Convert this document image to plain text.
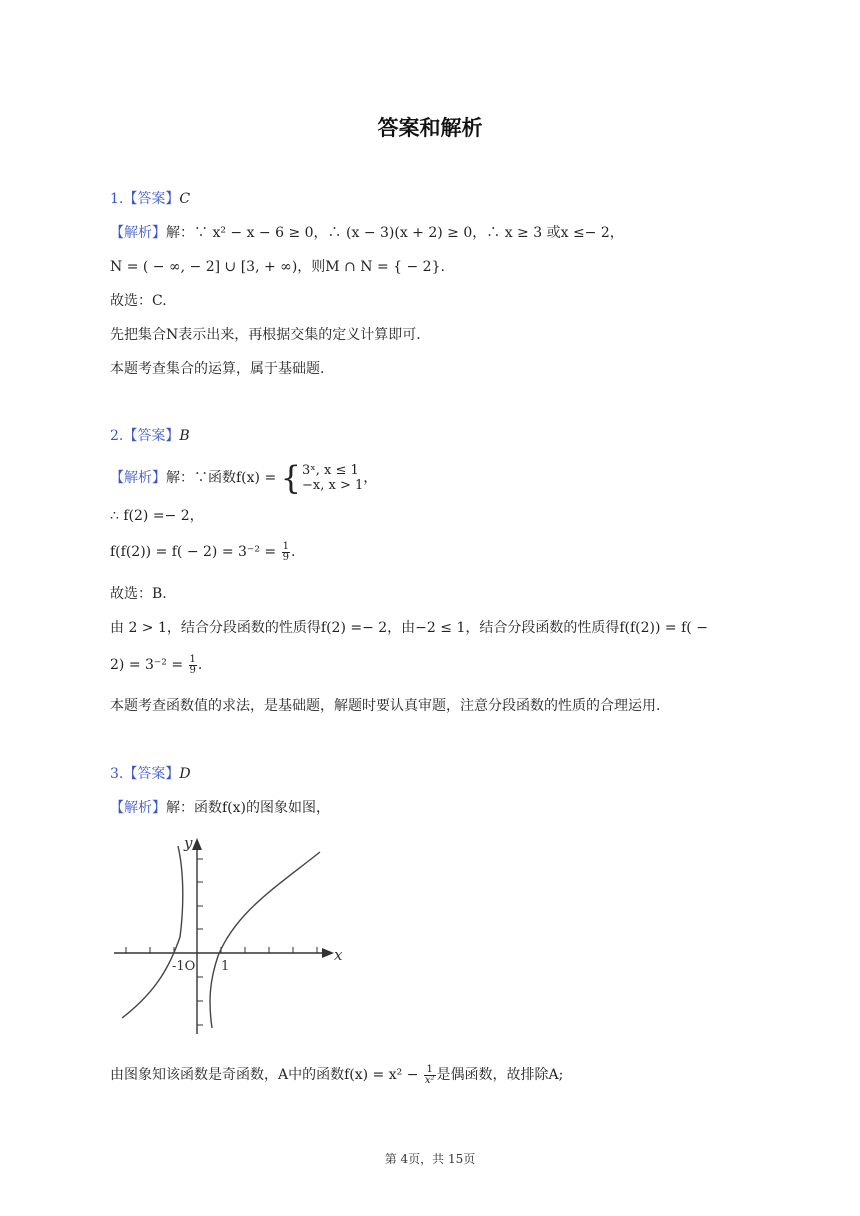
答案和解析
1.【答案】C
【解析】解：∵ x² − x − 6 ≥ 0，∴ (x − 3)(x + 2) ≥ 0，∴ x ≥ 3 或x ≤− 2，
N = ( − ∞, − 2] ∪ [3, + ∞)，则M ∩ N = { − 2}.
故选：C.
先把集合N表示出来，再根据交集的定义计算即可.
本题考查集合的运算，属于基础题.
2.【答案】B
【解析】解：∵函数f(x) = { 3ˣ, x ≤ 1
−x, x > 1 ，
∴ f(2) =− 2，
$f(f(2)) = f( - 2) = 3^{-2} = \frac{1}{9}$ .
故选：B.
由 2 > 1，结合分段函数的性质得f(2) =− 2，由−2 ≤ 1，结合分段函数的性质得f(f(2)) = f( −
$2) = 3^{-2} = \frac{1}{9}$ .
本题考查函数值的求法，是基础题，解题时要认真审题，注意分段函数的性质的合理运用.
3.【答案】D
【解析】解：函数f(x)的图象如图，
y
x
-1O 1
由图象知该函数是奇函数，A中的函数$f(x) = x^2 - \frac{1}{\text{x²}}$ 是偶函数，故排除A;
第 4页，共 15页
